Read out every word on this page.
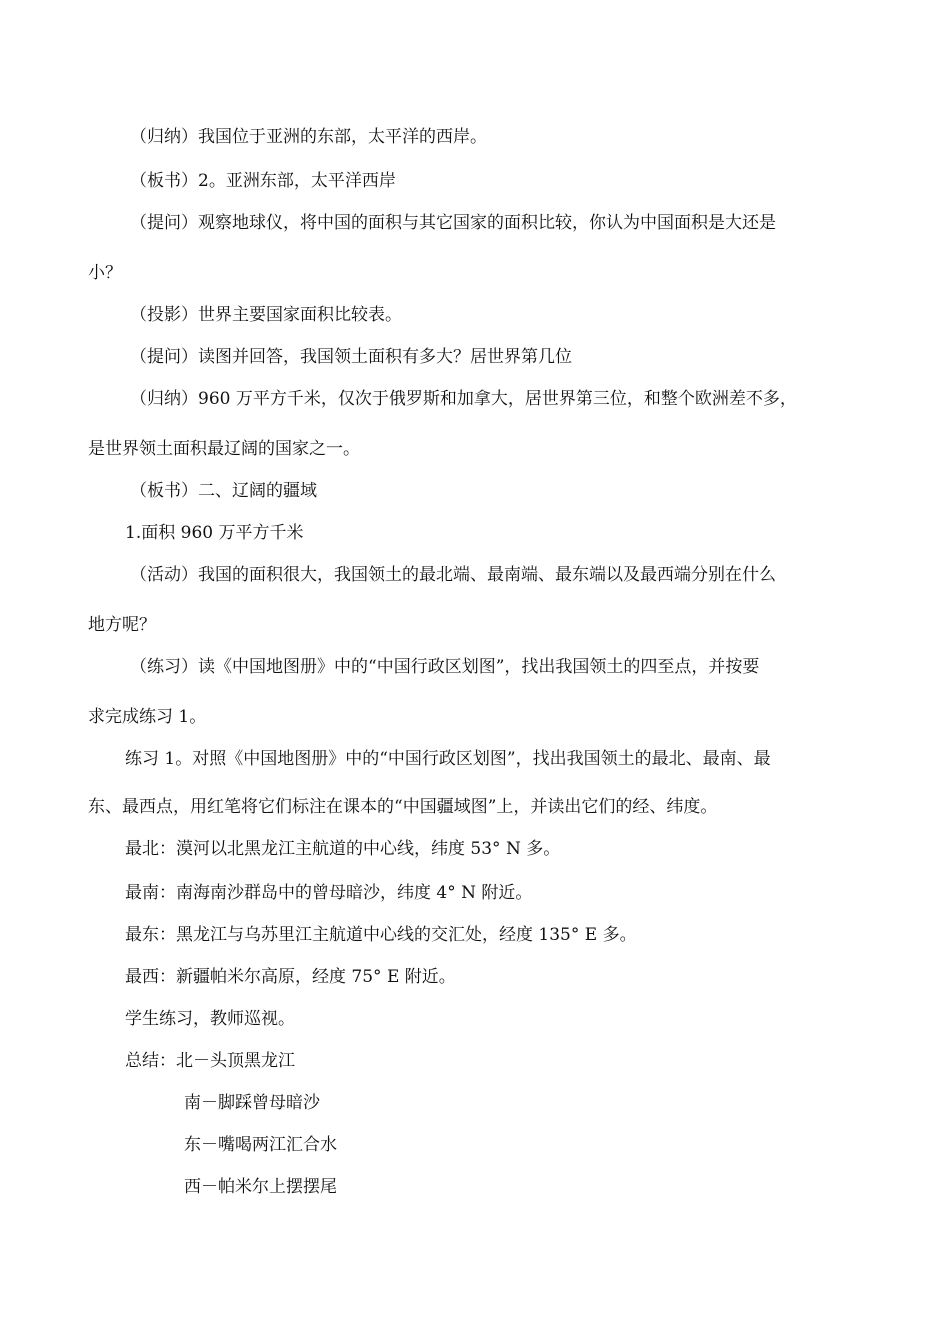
（归纳）我国位于亚洲的东部，太平洋的西岸。
（板书）2。亚洲东部，太平洋西岸
（提问）观察地球仪，将中国的面积与其它国家的面积比较，你认为中国面积是大还是
小？
（投影）世界主要国家面积比较表。
（提问）读图并回答，我国领土面积有多大？居世界第几位
（归纳）960 万平方千米，仅次于俄罗斯和加拿大，居世界第三位，和整个欧洲差不多，
是世界领土面积最辽阔的国家之一。
（板书）二、辽阔的疆域
1.面积 960 万平方千米
（活动）我国的面积很大，我国领土的最北端、最南端、最东端以及最西端分别在什么
地方呢？
（练习）读《中国地图册》中的“中国行政区划图”，找出我国领土的四至点，并按要
求完成练习 1。
练习 1。对照《中国地图册》中的“中国行政区划图”，找出我国领土的最北、最南、最
东、最西点，用红笔将它们标注在课本的“中国疆域图”上，并读出它们的经、纬度。
最北：漠河以北黑龙江主航道的中心线，纬度 53° N 多。
最南：南海南沙群岛中的曾母暗沙，纬度 4° N 附近。
最东：黑龙江与乌苏里江主航道中心线的交汇处，经度 135° E 多。
最西：新疆帕米尔高原，经度 75° E 附近。
学生练习，教师巡视。
总结：北－头顶黑龙江
南－脚踩曾母暗沙
东－嘴喝两江汇合水
西－帕米尔上摆摆尾
